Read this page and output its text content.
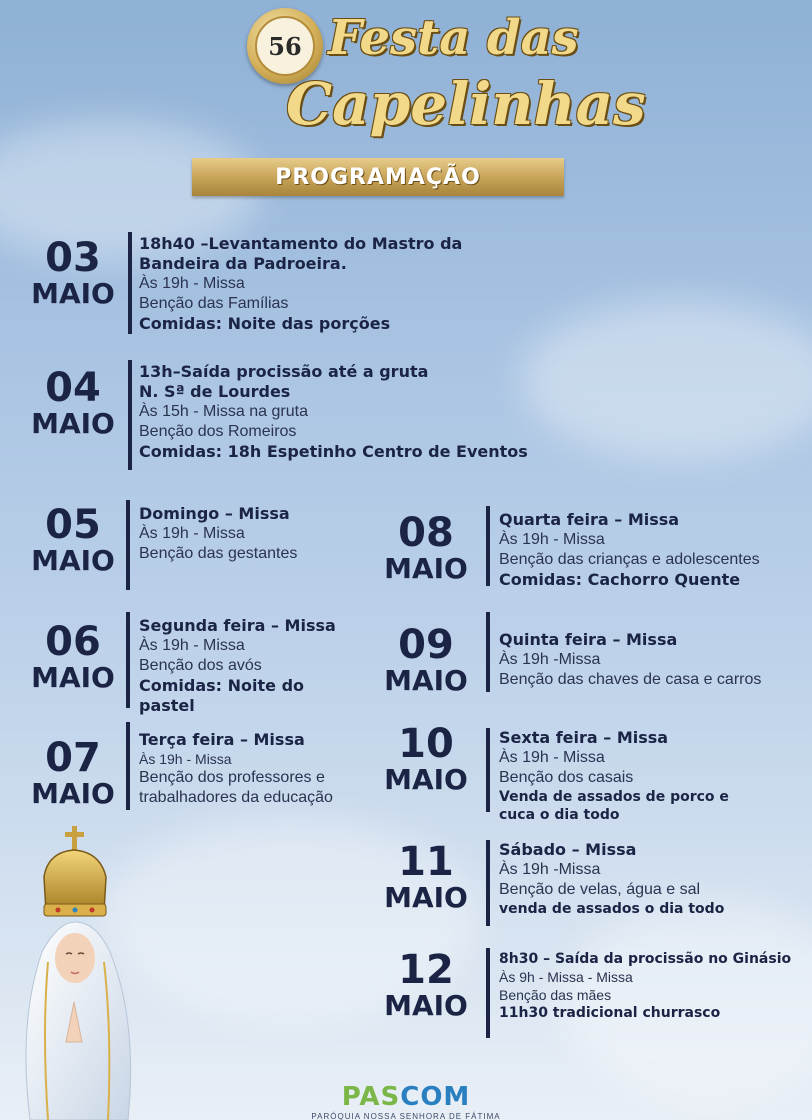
56 Festa das
Capelinhas
PROGRAMAÇÃO
03
MAIO
18h40 –Levantamento do Mastro da
Bandeira da Padroeira.
Às 19h - Missa
Benção das Famílias
Comidas: Noite das porções
04
MAIO
13h–Saída procissão até a gruta
N. Sª de Lourdes
Às 15h - Missa na gruta
Benção dos Romeiros
Comidas: 18h Espetinho Centro de Eventos
05
MAIO
Domingo – Missa
Às 19h - Missa
Benção das gestantes
06
MAIO
Segunda feira – Missa
Às 19h - Missa
Benção dos avós
Comidas: Noite do
pastel
07
MAIO
Terça feira – Missa
Às 19h - Missa
Benção dos professores e
trabalhadores da educação
08
MAIO
Quarta feira – Missa
Às 19h - Missa
Benção das crianças e adolescentes
Comidas: Cachorro Quente
09
MAIO
Quinta feira – Missa
Às 19h -Missa
Benção das chaves de casa e carros
10
MAIO
Sexta feira – Missa
Às 19h - Missa
Benção dos casais
Venda de assados de porco e
cuca o dia todo
11
MAIO
Sábado – Missa
Às 19h -Missa
Benção de velas, água e sal
venda de assados o dia todo
12
MAIO
8h30 – Saída da procissão no Ginásio
Às 9h - Missa - Missa
Benção das mães
11h30 tradicional churrasco
PASCOM
PARÓQUIA NOSSA SENHORA DE FÁTIMA
